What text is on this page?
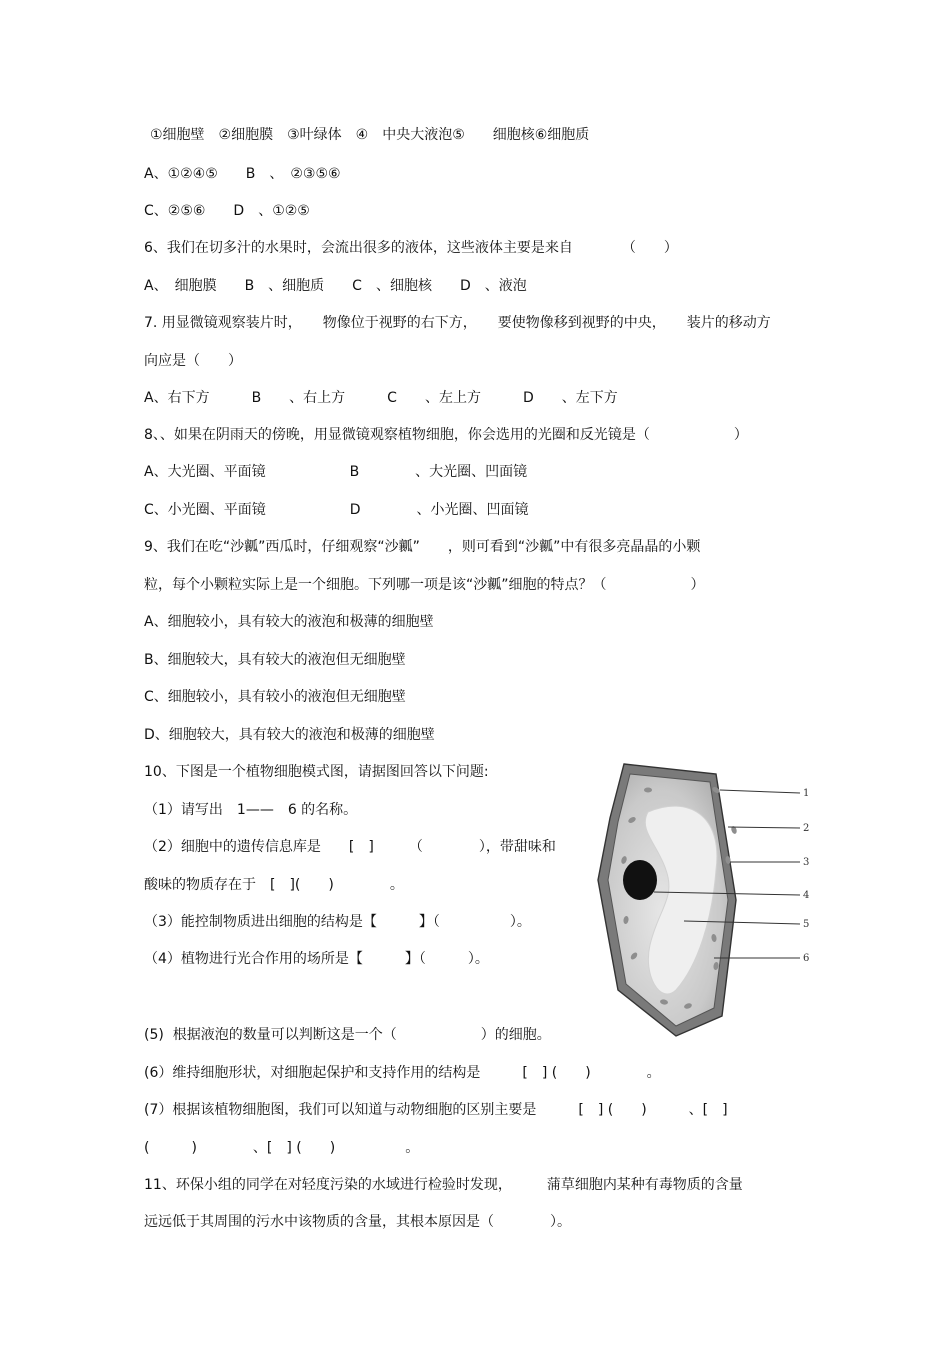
①细胞壁　②细胞膜　③叶绿体　④　中央大液泡⑤　　细胞核⑥细胞质
A、①②④⑤　　B　、　②③⑤⑥
C、②⑤⑥　　D　、①②⑤
6、我们在切多汁的水果时，会流出很多的液体，这些液体主要是来自　　　　（　　）
A、　细胞膜　　B　、细胞质　　C　、细胞核　　D　、液泡
7. 用显微镜观察装片时，　　物像位于视野的右下方，　　要使物像移到视野的中央，　　装片的移动方
向应是（　　）
A、右下方　　　B　　、右上方　　　C　　、左上方　　　D　　、左下方
8、、如果在阴雨天的傍晚，用显微镜观察植物细胞，你会选用的光圈和反光镜是（　　　　　　）
A、大光圈、平面镜　　　　　　B　　　　、大光圈、凹面镜
C、小光圈、平面镜　　　　　　D　　　　、小光圈、凹面镜
9、我们在吃“沙瓤”西瓜时，仔细观察“沙瓤”　　，则可看到“沙瓤”中有很多亮晶晶的小颗
粒，每个小颗粒实际上是一个细胞。下列哪一项是该“沙瓤”细胞的特点？（　　　　　　）
A、细胞较小，具有较大的液泡和极薄的细胞壁
B、细胞较大，具有较大的液泡但无细胞壁
C、细胞较小，具有较小的液泡但无细胞壁
D、细胞较大，具有较大的液泡和极薄的细胞壁
10、下图是一个植物细胞模式图，请据图回答以下问题:
（1）请写出　1——　6 的名称。
（2）细胞中的遗传信息库是　　[　]　　　（　　　　），带甜味和
酸味的物质存在于　[　](　　)　　　　。
（3）能控制物质进出细胞的结构是【　　　】（　　　　　）。
（4）植物进行光合作用的场所是【　　　】（　　　）。
(5)  根据液泡的数量可以判断这是一个（　　　　　　）的细胞。
(6）维持细胞形状，对细胞起保护和支持作用的结构是　　　[　] (　　)　　　　。
(7）根据该植物细胞图，我们可以知道与动物细胞的区别主要是　　　[　] (　　)　　　、[　]
(　　　)　　　　、[　] (　　)　　　　　。
11、环保小组的同学在对轻度污染的水域进行检验时发现，　　　蒲草细胞内某种有毒物质的含量
远远低于其周围的污水中该物质的含量，其根本原因是（　　　　）。
1
2
3
4
5
6
